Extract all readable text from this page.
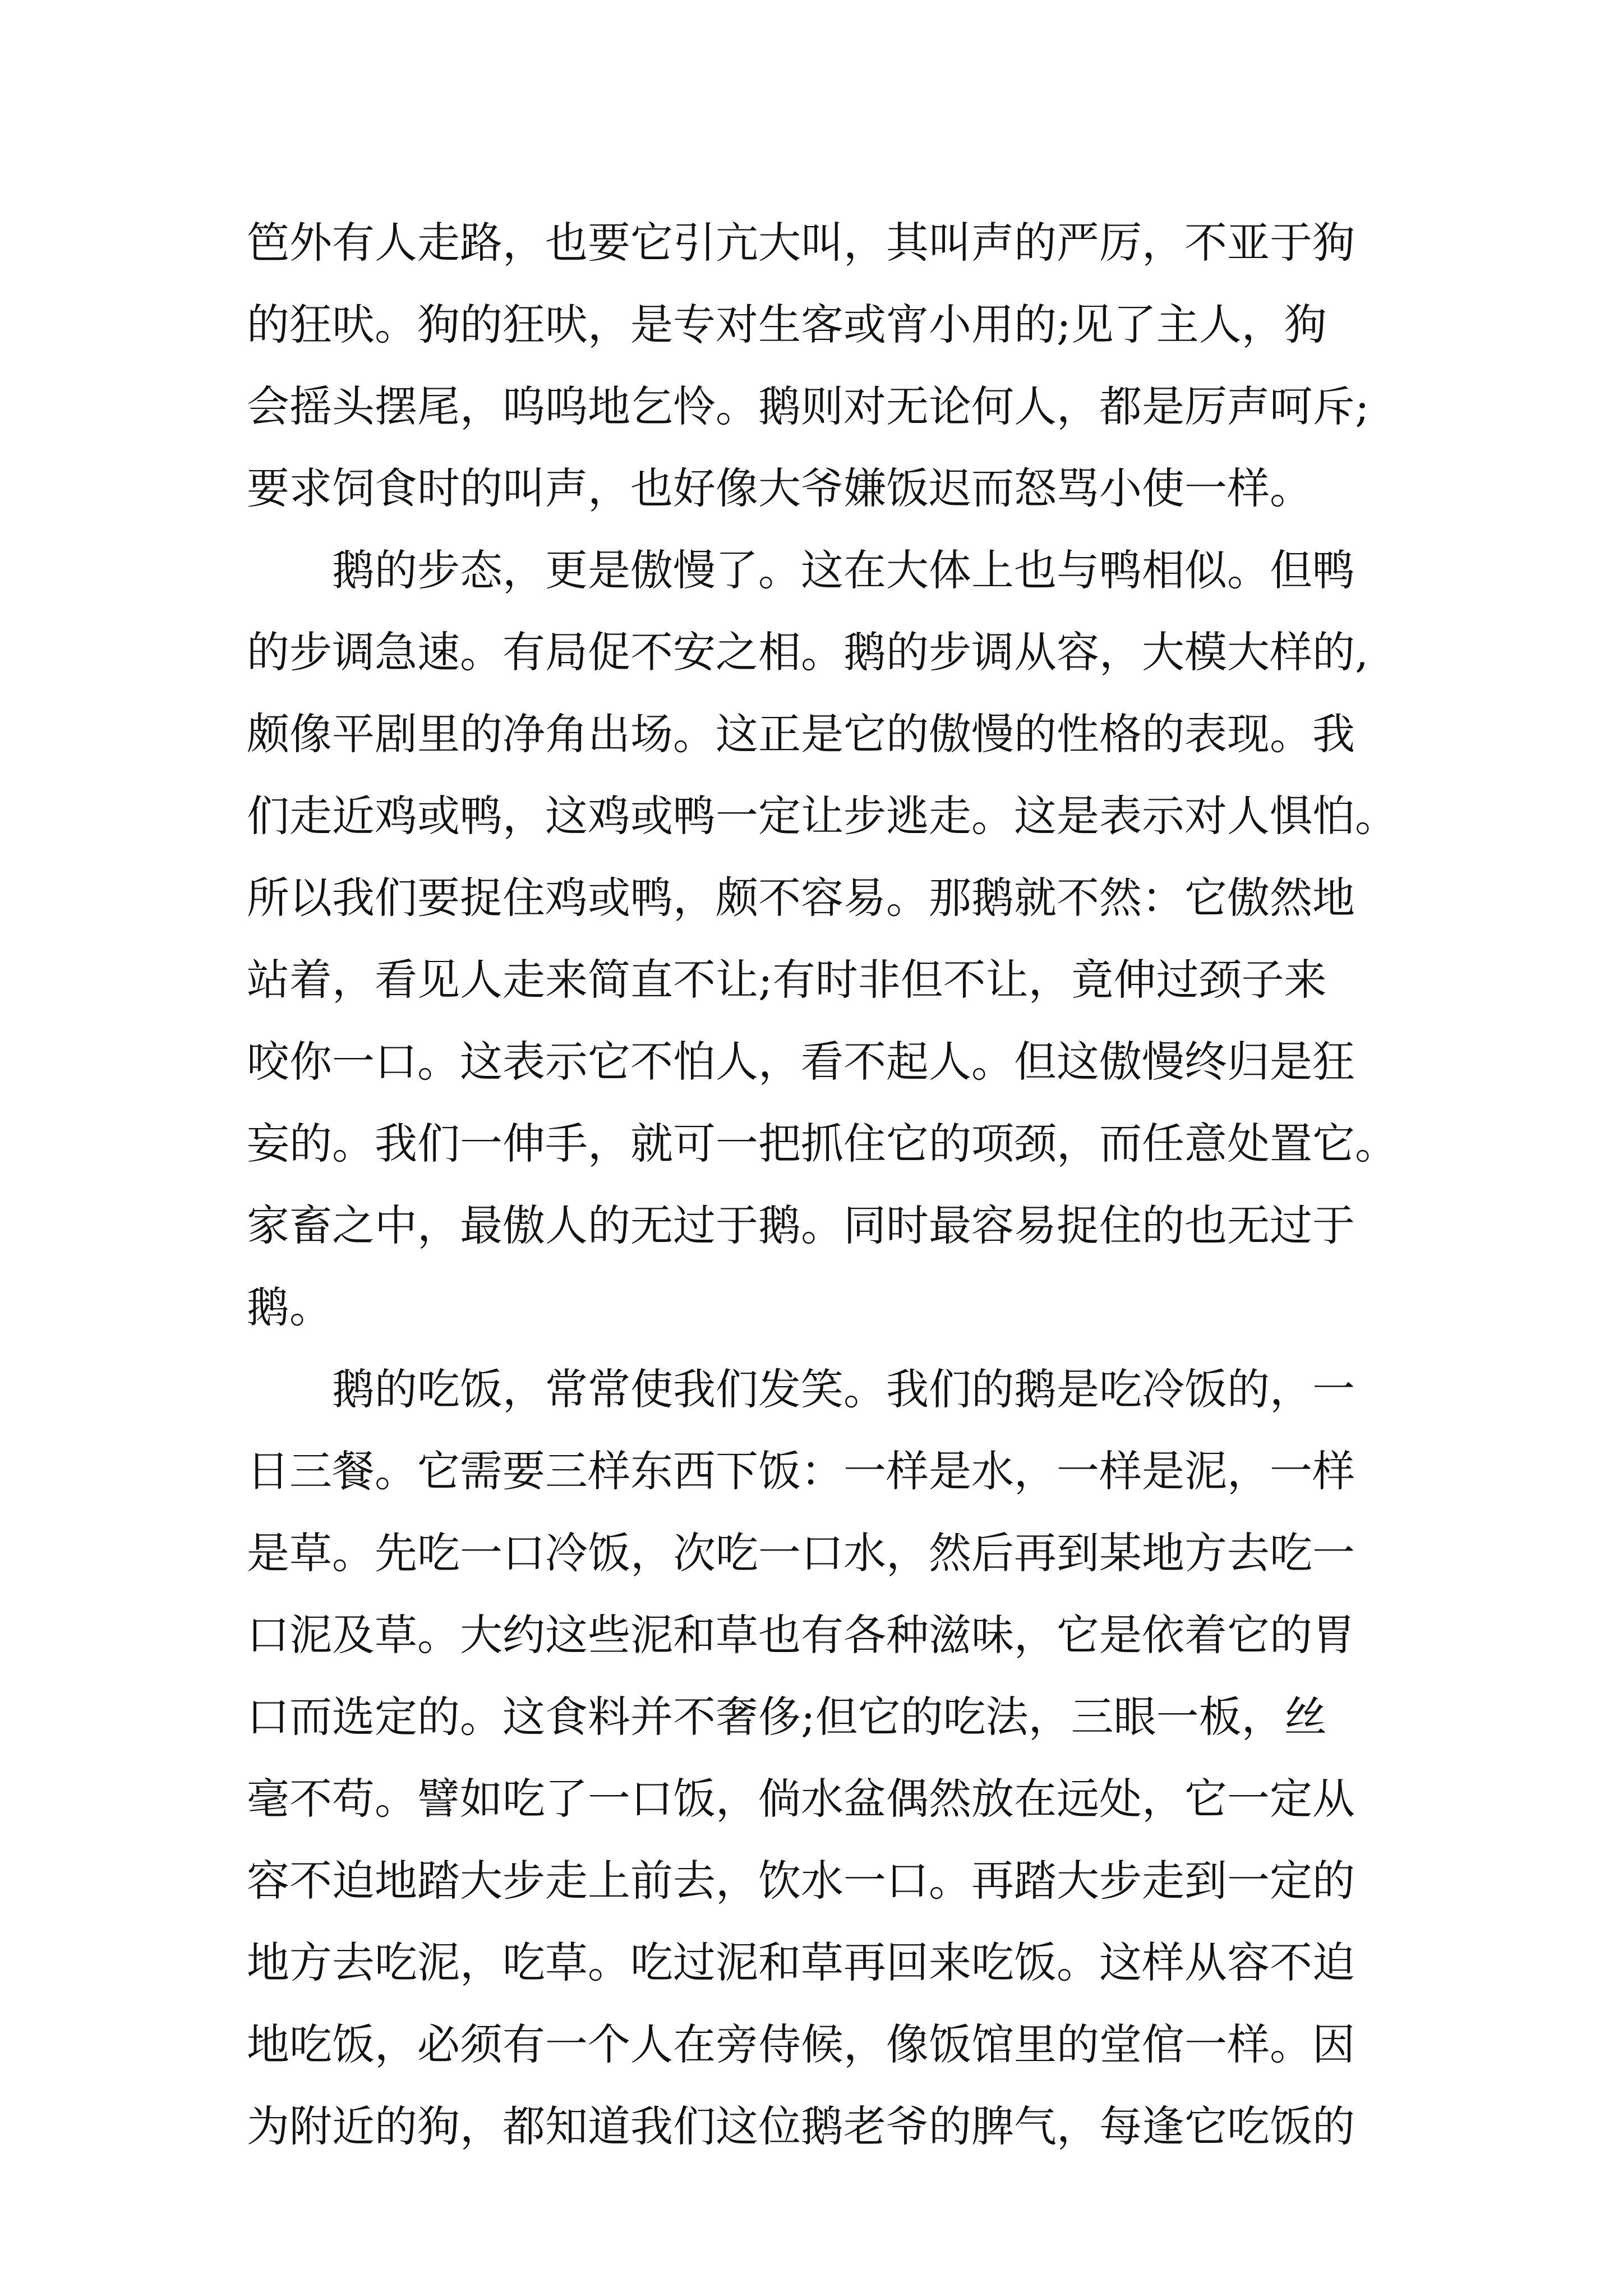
笆外有人走路，也要它引亢大叫，其叫声的严厉，不亚于狗
的狂吠。狗的狂吠，是专对生客或宵小用的;见了主人，狗
会摇头摆尾，呜呜地乞怜。鹅则对无论何人，都是厉声呵斥;
要求饲食时的叫声，也好像大爷嫌饭迟而怒骂小使一样。
鹅的步态，更是傲慢了。这在大体上也与鸭相似。但鸭
的步调急速。有局促不安之相。鹅的步调从容，大模大样的,
颇像平剧里的净角出场。这正是它的傲慢的性格的表现。我
们走近鸡或鸭，这鸡或鸭一定让步逃走。这是表示对人惧怕。
所以我们要捉住鸡或鸭，颇不容易。那鹅就不然：它傲然地
站着，看见人走来简直不让;有时非但不让，竟伸过颈子来
咬你一口。这表示它不怕人，看不起人。但这傲慢终归是狂
妄的。我们一伸手，就可一把抓住它的项颈，而任意处置它。
家畜之中，最傲人的无过于鹅。同时最容易捉住的也无过于
鹅。
鹅的吃饭，常常使我们发笑。我们的鹅是吃冷饭的，一
日三餐。它需要三样东西下饭：一样是水，一样是泥，一样
是草。先吃一口冷饭，次吃一口水，然后再到某地方去吃一
口泥及草。大约这些泥和草也有各种滋味，它是依着它的胃
口而选定的。这食料并不奢侈;但它的吃法，三眼一板，丝
毫不苟。譬如吃了一口饭，倘水盆偶然放在远处，它一定从
容不迫地踏大步走上前去，饮水一口。再踏大步走到一定的
地方去吃泥，吃草。吃过泥和草再回来吃饭。这样从容不迫
地吃饭，必须有一个人在旁侍候，像饭馆里的堂倌一样。因
为附近的狗，都知道我们这位鹅老爷的脾气，每逢它吃饭的
